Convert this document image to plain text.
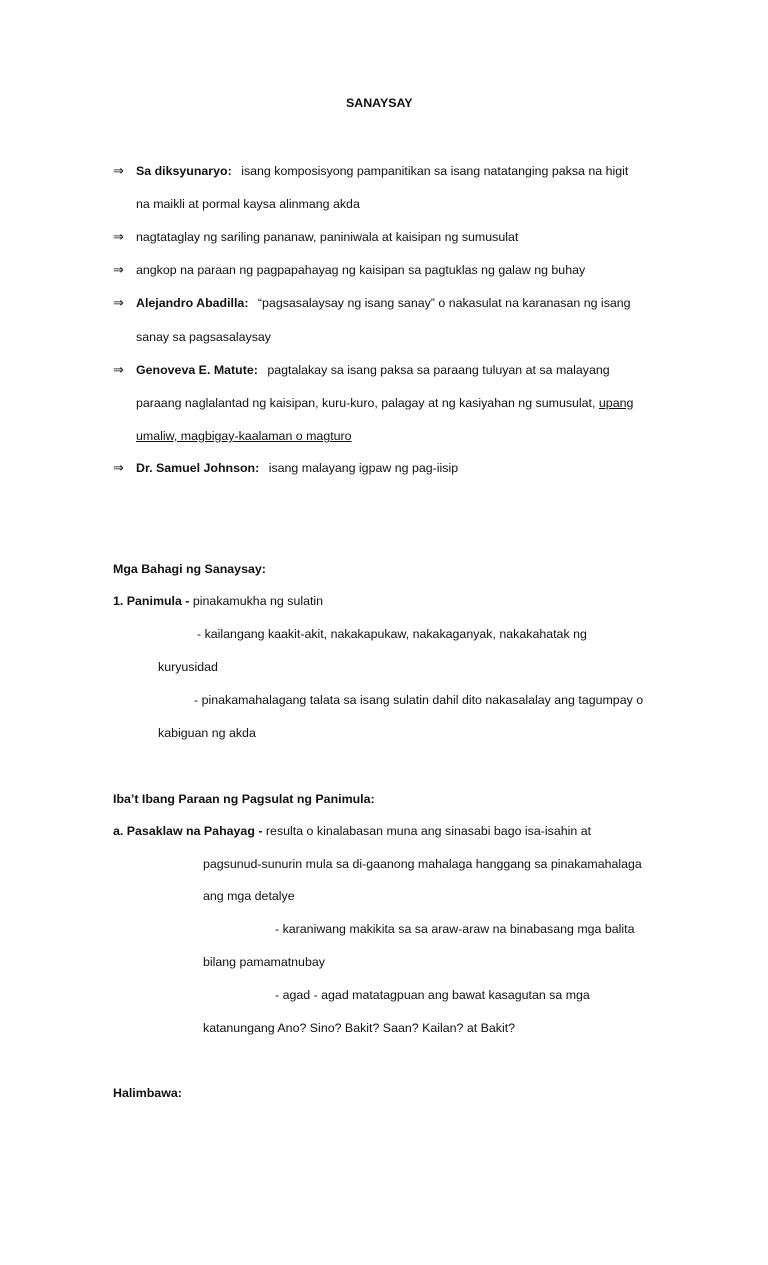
SANAYSAY
⇒ Sa diksyunaryo: isang komposisyong pampanitikan sa isang natatanging paksa na higit
na maikli at pormal kaysa alinmang akda
⇒ nagtataglay ng sariling pananaw, paniniwala at kaisipan ng sumusulat
⇒ angkop na paraan ng pagpapahayag ng kaisipan sa pagtuklas ng galaw ng buhay
⇒ Alejandro Abadilla: “pagsasalaysay ng isang sanay” o nakasulat na karanasan ng isang
sanay sa pagsasalaysay
⇒ Genoveva E. Matute: pagtalakay sa isang paksa sa paraang tuluyan at sa malayang
paraang naglalantad ng kaisipan, kuru-kuro, palagay at ng kasiyahan ng sumusulat, upang
umaliw, magbigay-kaalaman o magturo
⇒ Dr. Samuel Johnson: isang malayang igpaw ng pag-iisip
Mga Bahagi ng Sanaysay:
1. Panimula - pinakamukha ng sulatin
- kailangang kaakit-akit, nakakapukaw, nakakaganyak, nakakahatak ng
kuryusidad
- pinakamahalagang talata sa isang sulatin dahil dito nakasalalay ang tagumpay o
kabiguan ng akda
Iba’t Ibang Paraan ng Pagsulat ng Panimula:
a. Pasaklaw na Pahayag - resulta o kinalabasan muna ang sinasabi bago isa-isahin at
pagsunud-sunurin mula sa di-gaanong mahalaga hanggang sa pinakamahalaga
ang mga detalye
- karaniwang makikita sa sa araw-araw na binabasang mga balita
bilang pamamatnubay
- agad - agad matatagpuan ang bawat kasagutan sa mga
katanungang Ano? Sino? Bakit? Saan? Kailan? at Bakit?
Halimbawa:
